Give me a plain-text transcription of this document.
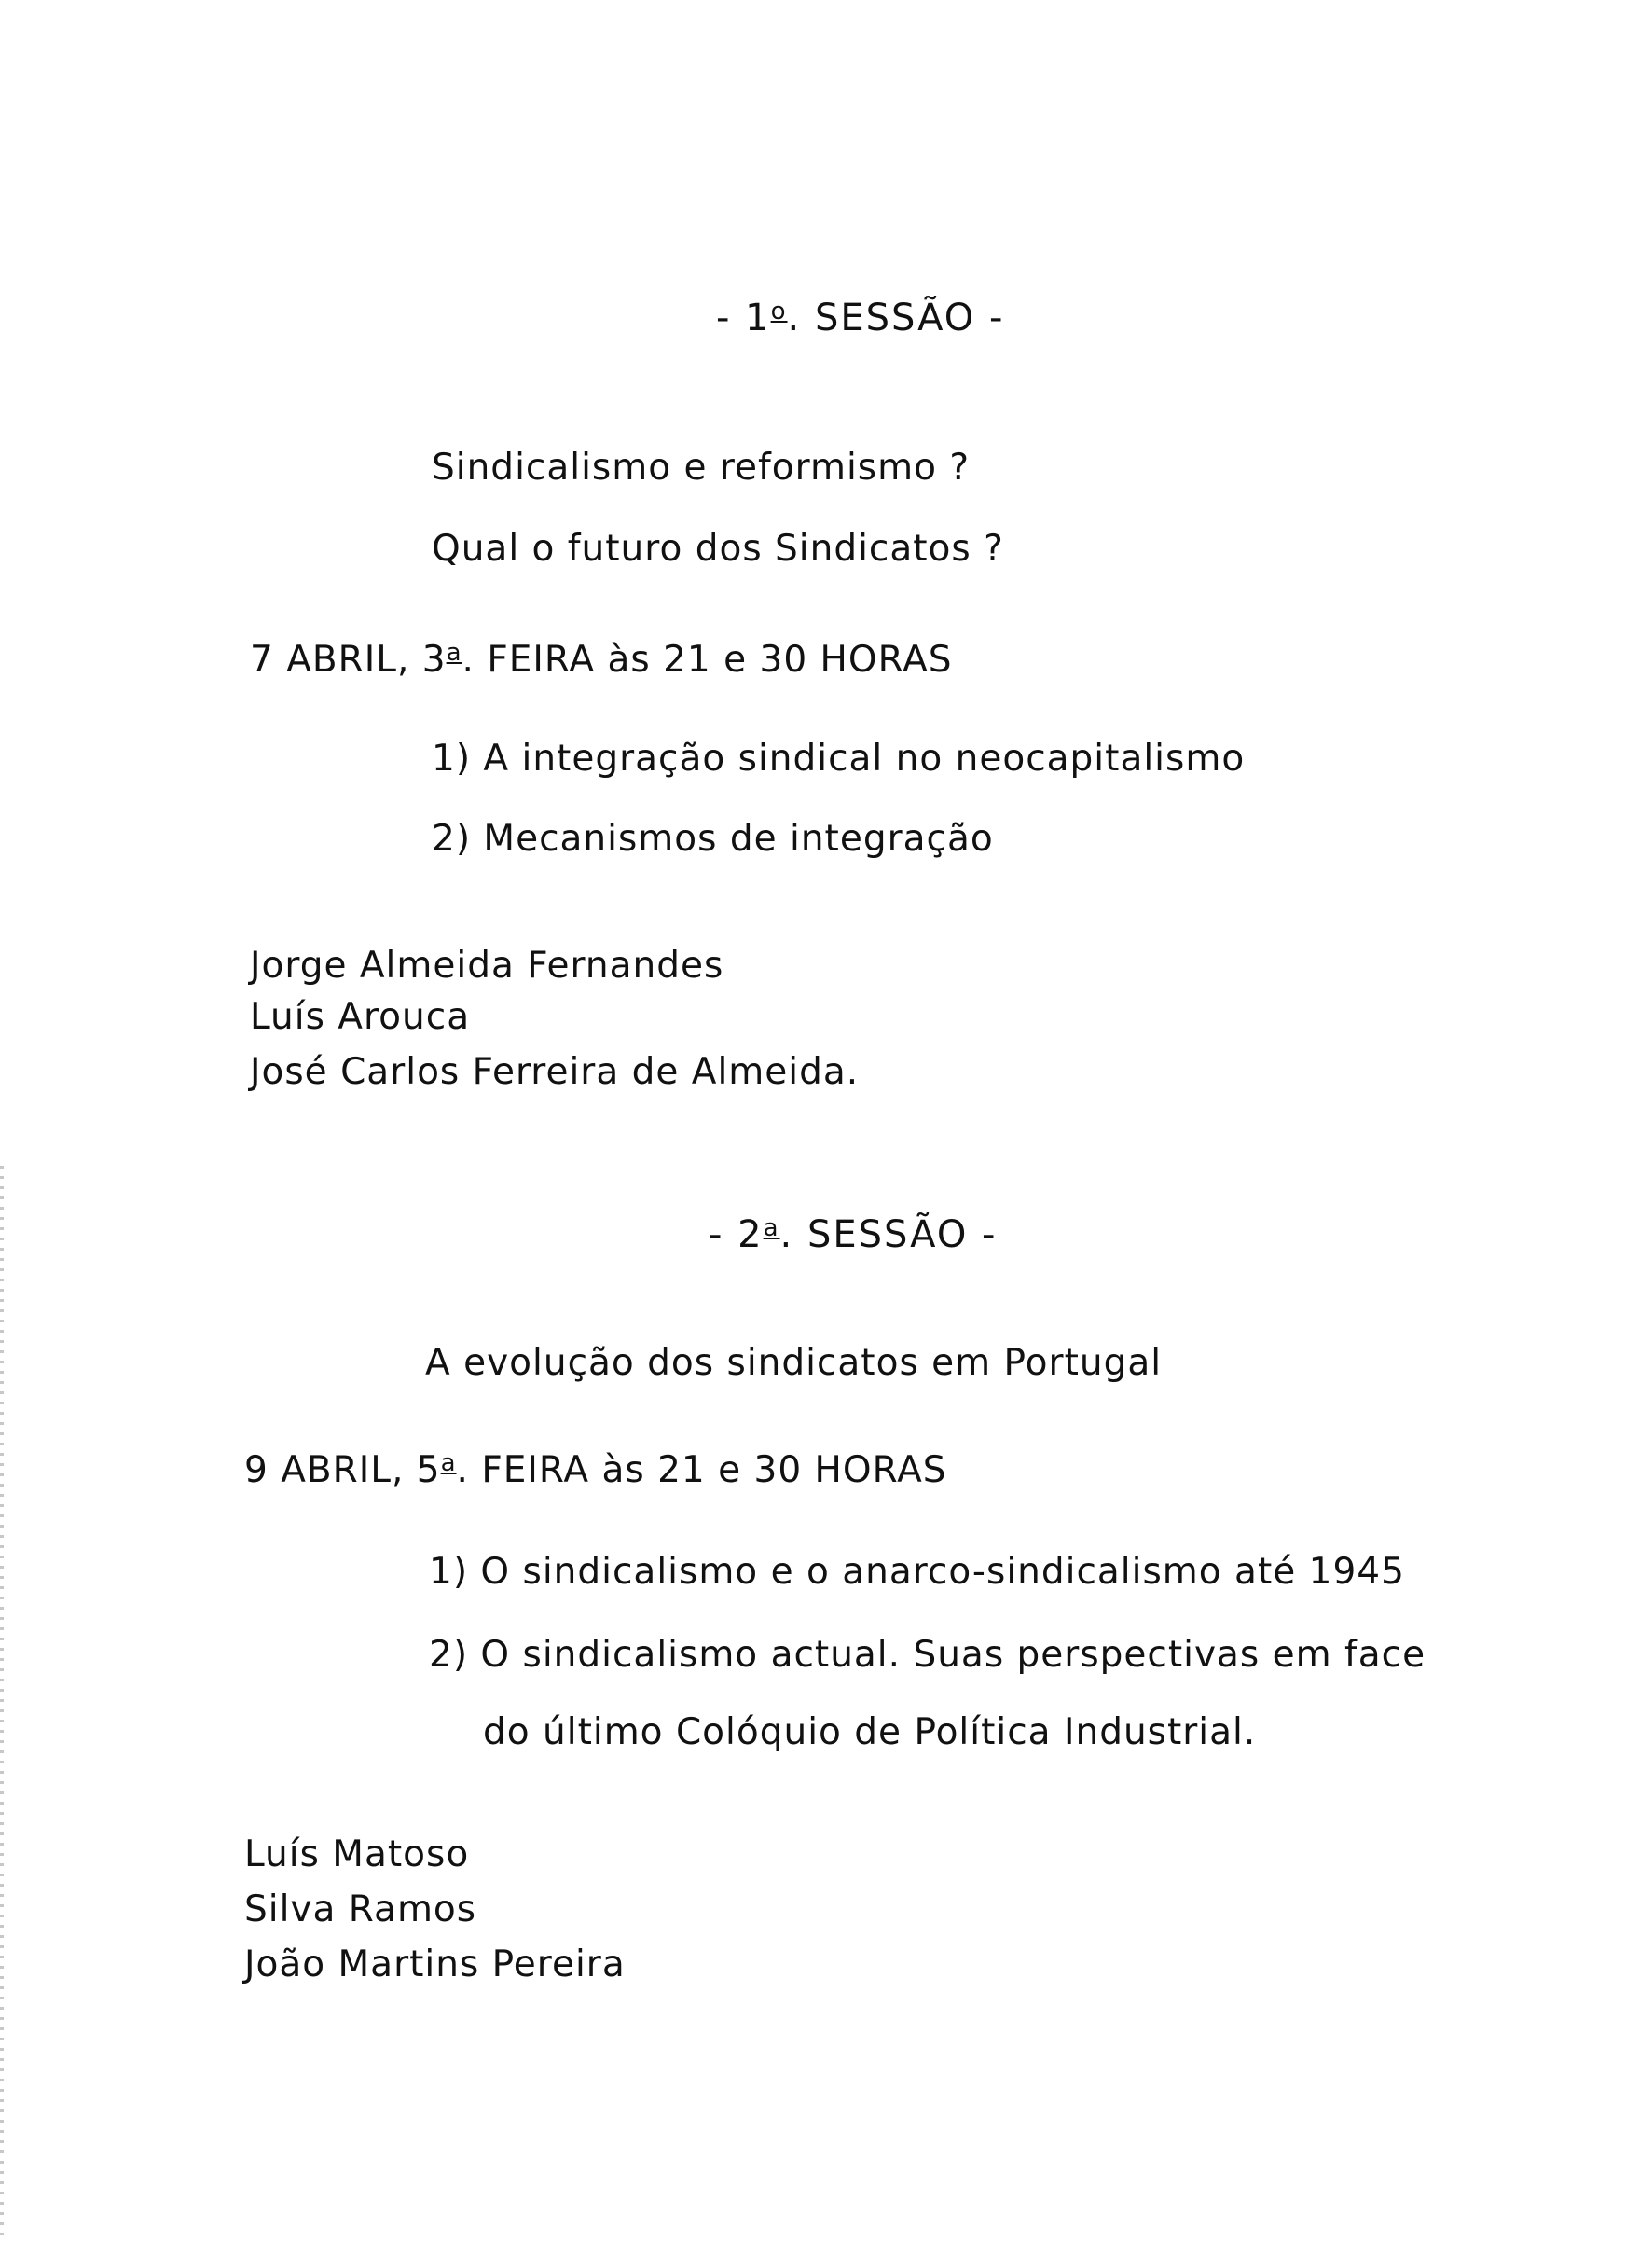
- 1$^o$. SESSÃO -
Sindicalismo e reformismo ?
Qual o futuro dos Sindicatos ?
7 ABRIL, 3$^a$. FEIRA às 21 e 30 HORAS
1) A integração sindical no neocapitalismo
2) Mecanismos de integração
Jorge Almeida Fernandes
Luís Arouca
José Carlos Ferreira de Almeida.
- 2$^a$. SESSÃO -
A evolução dos sindicatos em Portugal
9 ABRIL, 5$^a$. FEIRA às 21 e 30 HORAS
1) O sindicalismo e o anarco-sindicalismo até 1945
2) O sindicalismo actual. Suas perspectivas em face
do último Colóquio de Política Industrial.
Luís Matoso
Silva Ramos
João Martins Pereira
